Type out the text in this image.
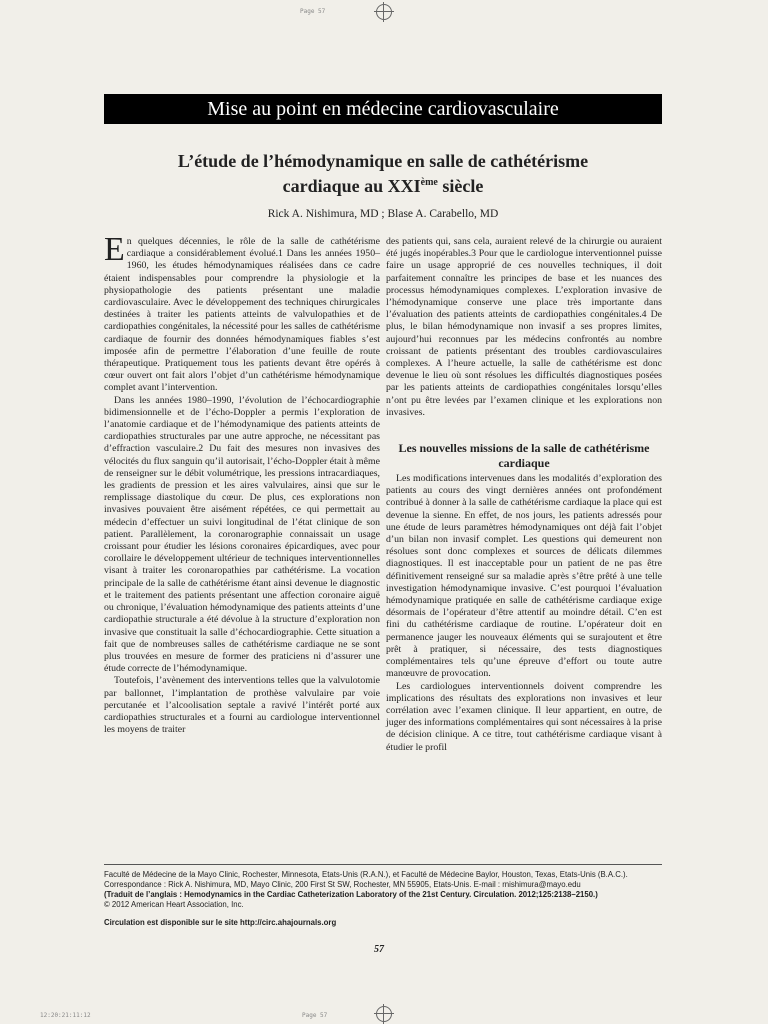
Page 57
12:20:21:11:12	Page 57
Mise au point en médecine cardiovasculaire
L’étude de l’hémodynamique en salle de cathétérisme
cardiaque au XXIème siècle
Rick A. Nishimura, MD ; Blase A. Carabello, MD

En quelques décennies, le rôle de la salle de cathétérisme cardiaque a considérablement évolué.1 Dans les années 1950–1960, les études hémodynamiques réalisées dans ce cadre étaient indispensables pour comprendre la physiologie et la physiopathologie des patients présentant une maladie cardiovasculaire. Avec le développement des techniques chirurgicales destinées à traiter les patients atteints de valvulopathies et de cardiopathies congénitales, la nécessité pour les salles de cathétérisme cardiaque de fournir des données hémodynamiques fiables s’est imposée afin de permettre l’élaboration d’une feuille de route thérapeutique. Pratiquement tous les patients devant être opérés à cœur ouvert ont fait alors l’objet d’un cathétérisme hémodynamique complet avant l’intervention.

Dans les années 1980–1990, l’évolution de l’échocardiographie bidimensionnelle et de l’écho-Doppler a permis l’exploration de l’anatomie cardiaque et de l’hémodynamique des patients atteints de cardiopathies structurales par une autre approche, ne nécessitant pas d’effraction vasculaire.2 Du fait des mesures non invasives des vélocités du flux sanguin qu’il autorisait, l’écho-Doppler était à même de renseigner sur le débit volumétrique, les pressions intracardiaques, les gradients de pression et les aires valvulaires, ainsi que sur le remplissage diastolique du cœur. De plus, ces explorations non invasives pouvaient être aisément répétées, ce qui permettait au médecin d’effectuer un suivi longitudinal de l’état clinique de son patient. Parallèlement, la coronarographie connaissait un usage croissant pour étudier les lésions coronaires épicardiques, avec pour corollaire le développement ultérieur de techniques interventionnelles visant à traiter les coronaropathies par cathétérisme. La vocation principale de la salle de cathétérisme étant ainsi devenue le diagnostic et le traitement des patients présentant une affection coronaire aiguë ou chronique, l’évaluation hémodynamique des patients atteints d’une cardiopathie structurale a été dévolue à la structure d’exploration non invasive que constituait la salle d’échocardiographie. Cette situation a fait que de nombreuses salles de cathétérisme cardiaque ne se sont plus trouvées en mesure de former des praticiens ni d’assurer une étude correcte de l’hémodynamique.

Toutefois, l’avènement des interventions telles que la valvulotomie par ballonnet, l’implantation de prothèse valvulaire par voie percutanée et l’alcoolisation septale a ravivé l’intérêt porté aux cardiopathies structurales et a fourni au cardiologue interventionnel les moyens de traiter

des patients qui, sans cela, auraient relevé de la chirurgie ou auraient été jugés inopérables.3 Pour que le cardiologue interventionnel puisse faire un usage approprié de ces nouvelles techniques, il doit parfaitement connaître les principes de base et les nuances des processus hémodynamiques complexes. L’exploration invasive de l’hémodynamique conserve une place très importante dans l’évaluation des patients atteints de cardiopathies congénitales.4 De plus, le bilan hémodynamique non invasif a ses propres limites, aujourd’hui reconnues par les médecins confrontés au nombre croissant de patients présentant des troubles cardiovasculaires complexes. A l’heure actuelle, la salle de cathétérisme est donc devenue le lieu où sont résolues les difficultés diagnostiques posées par les patients atteints de cardiopathies congénitales lorsqu’elles n’ont pu être levées par l’examen clinique et les explorations non invasives.

Les nouvelles missions de la salle de cathétérisme cardiaque

Les modifications intervenues dans les modalités d’exploration des patients au cours des vingt dernières années ont profondément contribué à donner à la salle de cathétérisme cardiaque la place qui est devenue la sienne. En effet, de nos jours, les patients adressés pour une étude de leurs paramètres hémodynamiques ont déjà fait l’objet d’un bilan non invasif complet. Les questions qui demeurent non résolues sont donc complexes et sources de délicats dilemmes diagnostiques. Il est inacceptable pour un patient de ne pas être définitivement renseigné sur sa maladie après s’être prêté à une telle investigation hémodynamique invasive. C’est pourquoi l’évaluation hémodynamique pratiquée en salle de cathétérisme cardiaque exige désormais de l’opérateur d’être attentif au moindre détail. C’en est fini du cathétérisme cardiaque de routine. L’opérateur doit en permanence jauger les nouveaux éléments qui se surajoutent et être prêt à pratiquer, si nécessaire, des tests diagnostiques complémentaires tels qu’une épreuve d’effort ou toute autre manœuvre de provocation.

Les cardiologues interventionnels doivent comprendre les implications des résultats des explorations non invasives et leur corrélation avec l’examen clinique. Il leur appartient, en outre, de juger des informations complémentaires qui sont nécessaires à la prise de décision clinique. A ce titre, tout cathétérisme cardiaque visant à étudier le profil

Faculté de Médecine de la Mayo Clinic, Rochester, Minnesota, Etats-Unis (R.A.N.), et Faculté de Médecine Baylor, Houston, Texas, Etats-Unis (B.A.C.).
Correspondance : Rick A. Nishimura, MD, Mayo Clinic, 200 First St SW, Rochester, MN 55905, Etats-Unis. E-mail : rnishimura@mayo.edu
(Traduit de l’anglais : Hemodynamics in the Cardiac Catheterization Laboratory of the 21st Century. Circulation. 2012;125:2138–2150.)
© 2012 American Heart Association, Inc.
Circulation est disponible sur le site http://circ.ahajournals.org
57
